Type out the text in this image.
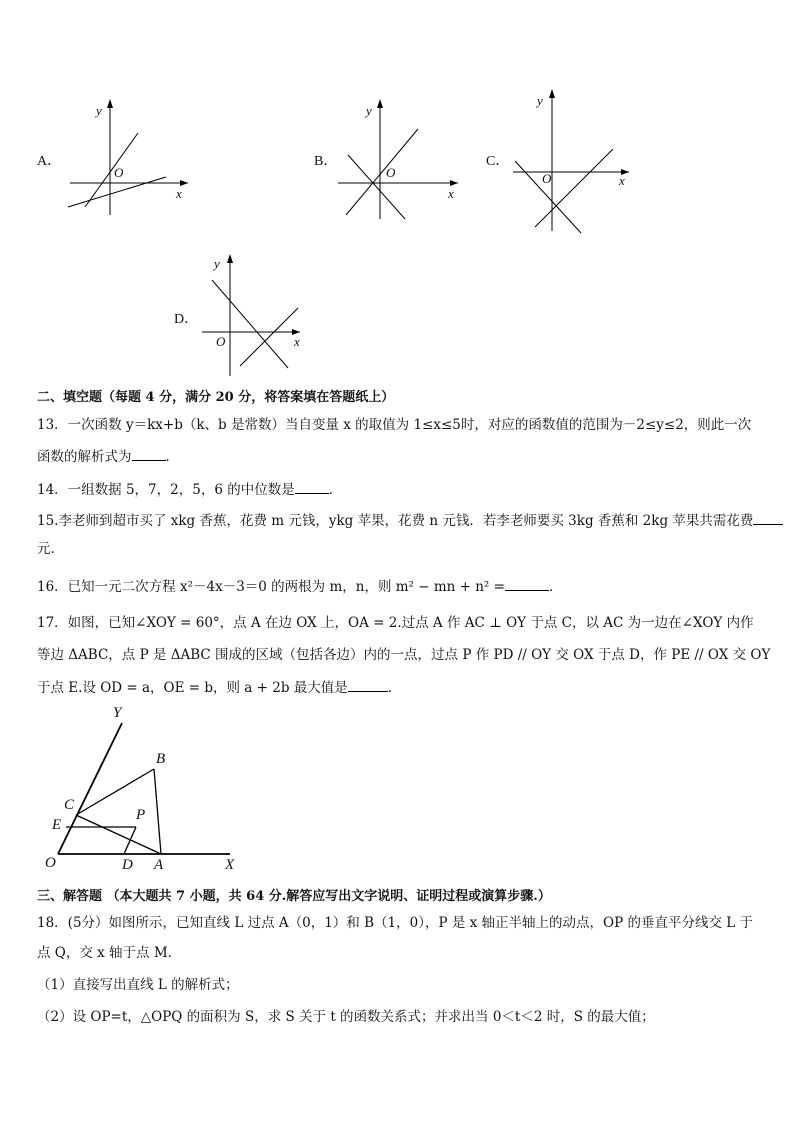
A．
y
x
O
B．
y
x
O
C．
y
x
O
D．
y
x
O
二、填空题（每题 4 分，满分 20 分，将答案填在答题纸上）
13．一次函数 y＝kx+b（k、b 是常数）当自变量 x 的取值为 1≤x≤5时，对应的函数值的范围为－2≤y≤2，则此一次
函数的解析式为	．
14．一组数据 5，7，2，5，6 的中位数是	．
15.李老师到超市买了 xkg 香蕉，花费 m 元钱，ykg 苹果，花费 n 元钱．若李老师要买 3kg 香蕉和 2kg 苹果共需花费
元．
16．已知一元二次方程 x²－4x－3＝0 的两根为 m，n，则 m² − mn + n² =	．
17．如图，已知∠XOY = 60°，点 A 在边 OX 上，OA = 2.过点 A 作 AC ⊥ OY 于点 C，以 AC 为一边在∠XOY 内作
等边 ΔABC，点 P 是 ΔABC 围成的区域（包括各边）内的一点，过点 P 作 PD // OY 交 OX 于点 D，作 PE // OX 交 OY
于点 E.设 OD = a，OE = b，则 a + 2b 最大值是	.
Y
B
C
P
E
O	D A	X
三、解答题 （本大题共 7 小题，共 64 分.解答应写出文字说明、证明过程或演算步骤.）
18．(5分）如图所示，已知直线 L 过点 A（0，1）和 B（1，0），P 是 x 轴正半轴上的动点，OP 的垂直平分线交 L 于
点 Q，交 x 轴于点 M．
（1）直接写出直线 L 的解析式；
（2）设 OP=t，△OPQ 的面积为 S，求 S 关于 t 的函数关系式；并求出当 0＜t＜2 时，S 的最大值；
